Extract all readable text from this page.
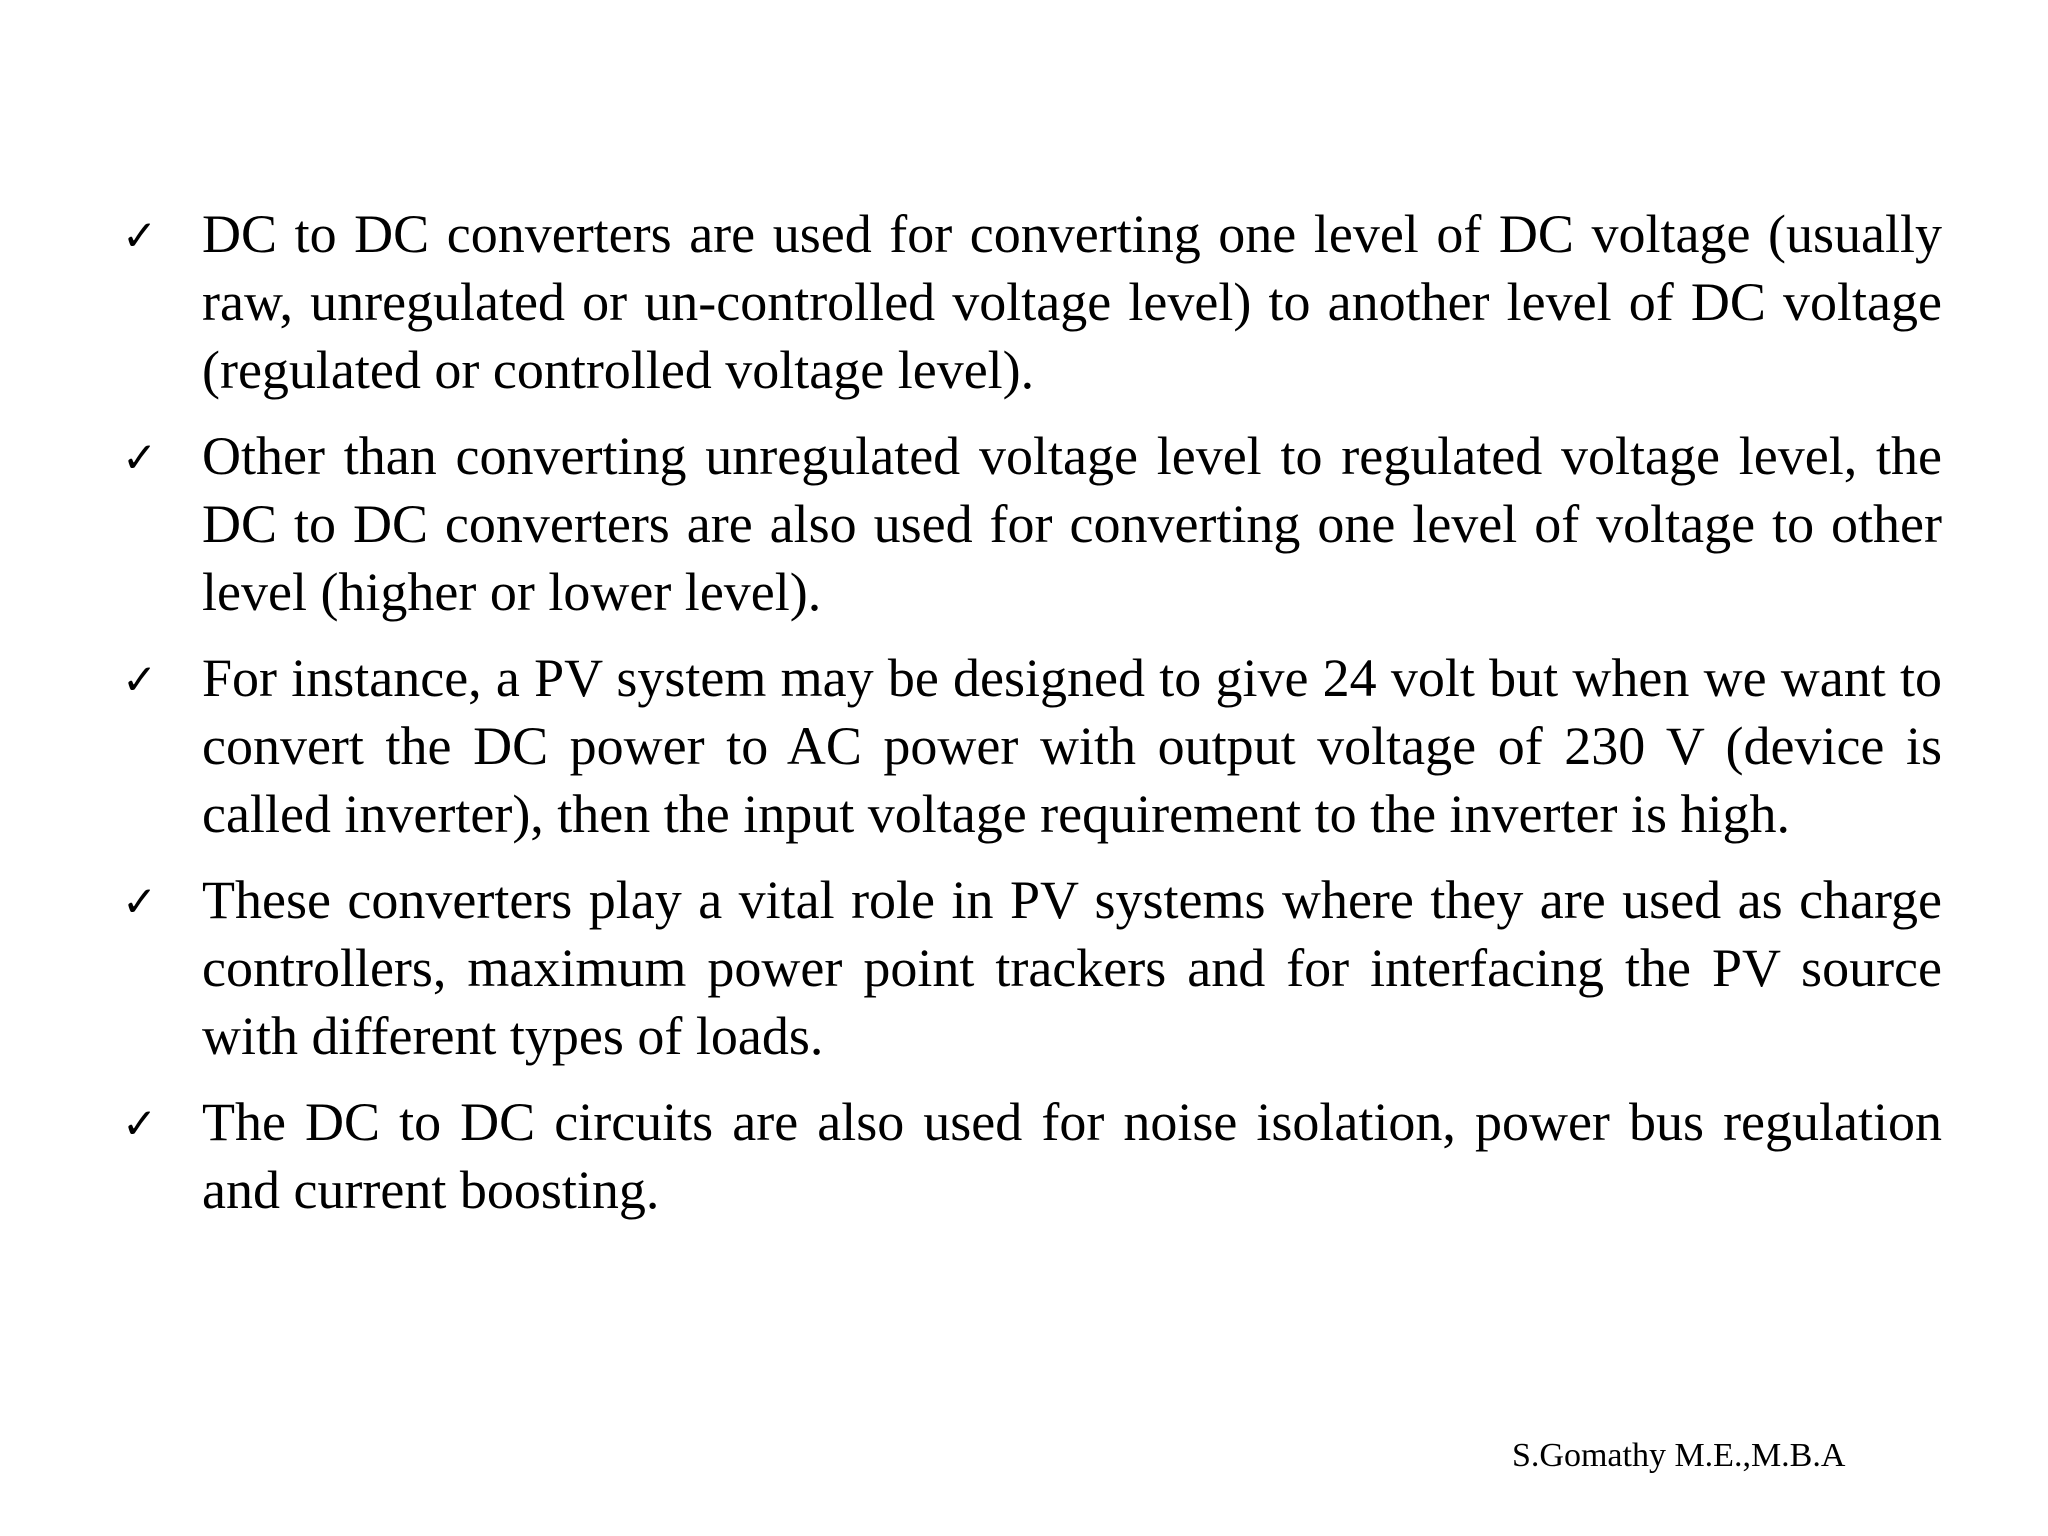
✓ DC to DC converters are used for converting one level of DC voltage (usually raw, unregulated or un-controlled voltage level) to another level of DC voltage (regulated or controlled voltage level).
✓ Other than converting unregulated voltage level to regulated voltage level, the DC to DC converters are also used for converting one level of voltage to other level (higher or lower level).
✓ For instance, a PV system may be designed to give 24 volt but when we want to convert the DC power to AC power with output voltage of 230 V (device is called inverter), then the input voltage requirement to the inverter is high.
✓ These converters play a vital role in PV systems where they are used as charge controllers, maximum power point trackers and for interfacing the PV source with different types of loads.
✓ The DC to DC circuits are also used for noise isolation, power bus regulation and current boosting.
S.Gomathy M.E.,M.B.A
